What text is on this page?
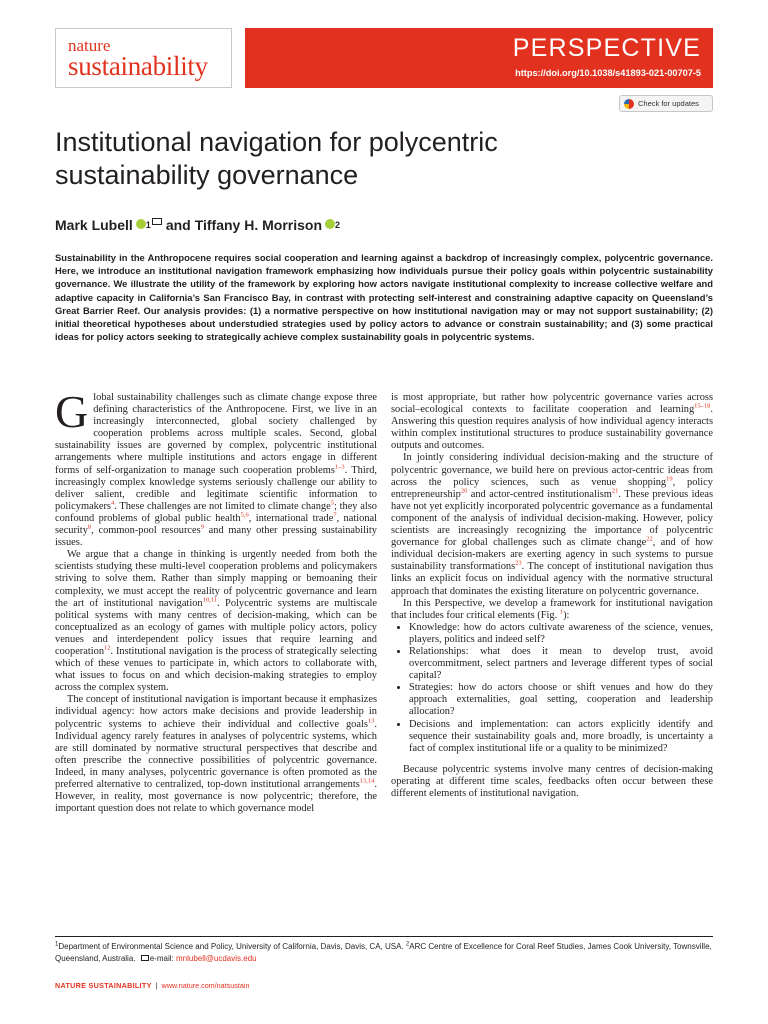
nature
sustainability
PERSPECTIVE
https://doi.org/10.1038/s41893-021-00707-5
Check for updates
Institutional navigation for polycentric sustainability governance
Mark Lubell 1 and Tiffany H. Morrison 2
Sustainability in the Anthropocene requires social cooperation and learning against a backdrop of increasingly complex, polycentric governance. Here, we introduce an institutional navigation framework emphasizing how individuals pursue their policy goals within polycentric sustainability governance. We illustrate the utility of the framework by exploring how actors navigate institutional complexity to increase collective welfare and adaptive capacity in California’s San Francisco Bay, in contrast with protecting self-interest and constraining adaptive capacity on Queensland’s Great Barrier Reef. Our analysis provides: (1) a normative perspective on how institutional navigation may or may not support sustainability; (2) initial theoretical hypotheses about understudied strategies used by policy actors to advance or constrain sustainability; and (3) some practical ideas for policy actors seeking to strategically achieve complex sustainability goals in polycentric systems.
G lobal sustainability challenges such as climate change expose three defining characteristics of the Anthropocene. First, we live in an increasingly interconnected, global society challenged by cooperation problems across multiple scales. Second, global sustainability issues are governed by complex, polycentric institutional arrangements where multiple institutions and actors engage in different forms of self-organization to manage such cooperation problems$^{1-3}$. Third, increasingly complex knowledge systems seriously challenge our ability to deliver salient, credible and legitimate scientific information to policymakers$^4$. These challenges are not limited to climate change$^5$; they also confound problems of global public health$^{5,6}$, international trade$^7$, national security$^8$, common-pool resources$^9$ and many other pressing sustainability issues.

We argue that a change in thinking is urgently needed from both the scientists studying these multi-level cooperation problems and policymakers striving to solve them. Rather than simply mapping or bemoaning their complexity, we must accept the reality of polycentric governance and learn the art of institutional navigation$^{10,11}$. Polycentric systems are multiscale political systems with many centres of decision-making, which can be conceptualized as an ecology of games with multiple policy actors, policy venues and interdependent policy issues that require learning and cooperation$^{12}$. Institutional navigation is the process of strategically selecting which of these venues to participate in, which actors to collaborate with, what issues to focus on and which decision-making strategies to employ across the complex system.

The concept of institutional navigation is important because it emphasizes individual agency: how actors make decisions and provide leadership in polycentric systems to achieve their individual and collective goals$^{13}$. Individual agency rarely features in analyses of polycentric systems, which are still dominated by normative structural perspectives that describe and often prescribe the connective possibilities of polycentric governance. Indeed, in many analyses, polycentric governance is often promoted as the preferred alternative to centralized, top-down institutional arrangements$^{13,14}$. However, in reality, most governance is now polycentric; therefore, the important question does not relate to which governance model

is most appropriate, but rather how polycentric governance varies across social–ecological contexts to facilitate cooperation and learning$^{15-18}$. Answering this question requires analysis of how individual agency interacts within complex institutional structures to produce sustainability governance outputs and outcomes.

In jointly considering individual decision-making and the structure of polycentric governance, we build here on previous actor-centric ideas from across the policy sciences, such as venue shopping$^{19}$, policy entrepreneurship$^{20}$ and actor-centred institutionalism$^{21}$. These previous ideas have not yet explicitly incorporated polycentric governance as a fundamental component of the analysis of individual decision-making. However, policy scientists are increasingly recognizing the importance of polycentric governance for global challenges such as climate change$^{22}$, and of how individual decision-makers are exerting agency in such systems to pursue sustainability transformations$^{23}$. The concept of institutional navigation thus links an explicit focus on individual agency with the normative structural approach that dominates the existing literature on polycentric governance.

In this Perspective, we develop a framework for institutional navigation that includes four critical elements (Fig. $^1$):

• Knowledge: how do actors cultivate awareness of the science, venues, players, politics and indeed self?
• Relationships: what does it mean to develop trust, avoid overcommitment, select partners and leverage different types of social capital?
• Strategies: how do actors choose or shift venues and how do they approach externalities, goal setting, cooperation and leadership allocation?
• Decisions and implementation: can actors explicitly identify and sequence their sustainability goals and, more broadly, is uncertainty a fact of complex institutional life or a quality to be minimized?

Because polycentric systems involve many centres of decision-making operating at different time scales, feedbacks often occur between these different elements of institutional navigation.

$^1$Department of Environmental Science and Policy, University of California, Davis, Davis, CA, USA. $^2$ARC Centre of Excellence for Coral Reef Studies, James Cook University, Townsville, Queensland, Australia. e-mail: mnlubell@ucdavis.edu
NATURE SUSTAINABILITY | www.nature.com/natsustain
